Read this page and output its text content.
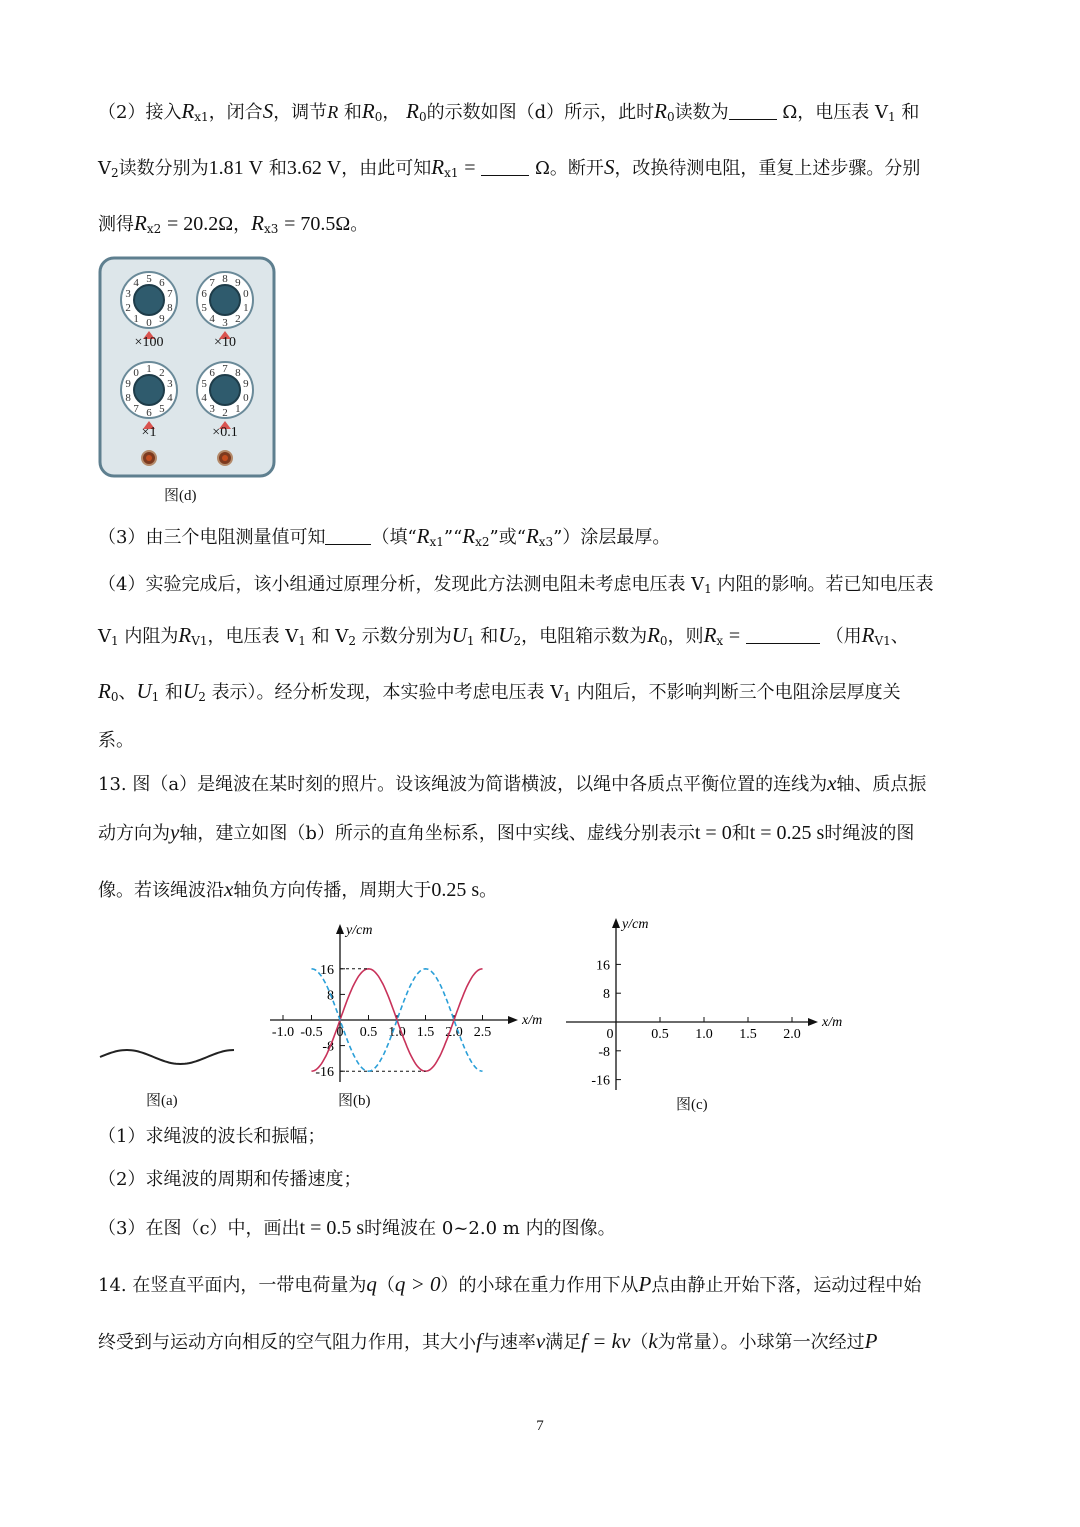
（2）接入$R_{x1}$，闭合S，调节R 和$R_0$， $R_0$的示数如图（d）所示，此时$R_0$读数为	Ω，电压表 $V_1$ 和
$V_2$读数分别为1.81 V 和3.62 V，由此可知$R_{x1}$ =	Ω。断开S，改换待测电阻，重复上述步骤。分别
测得$R_{x2} = 20.2\Omega$，$R_{x3} = 70.5\Omega$。
0
1
2
3
4 5 6
7
8
9
×100
0
1
2
3
4
5
6
7 8 9
×10
0 1 2
3
4
5
6
7
8
9
×1
0
1
2
3
4
5
6 7 8
9
×0.1
图(d)
（3）由三个电阻测量值可知	（填“$R_{x1}”“R_{x2}$”或“$R_{x3}$”）涂层最厚。
（4）实验完成后，该小组通过原理分析，发现此方法测电阻未考虑电压表 $V_1$ 内阻的影响。若已知电压表
$V_1$ 内阻为$R_{V1}$，电压表 $V_1$ 和 $V_2$ 示数分别为$U_1$ 和$U_2$，电阻箱示数为$R_0$，则$R_x$ =	（用$R_{V1}$、
$R_0$、$U_1$ 和$U_2$ 表示）。经分析发现，本实验中考虑电压表 $V_1$ 内阻后，不影响判断三个电阻涂层厚度关
系。
13. 图（a）是绳波在某时刻的照片。设该绳波为简谐横波，以绳中各质点平衡位置的连线为x轴、质点振
动方向为y轴，建立如图（b）所示的直角坐标系，图中实线、虚线分别表示t = 0和t = 0.25 s时绳波的图
像。若该绳波沿x轴负方向传播，周期大于0.25 s。
图(a)
x/m
y/cm
-1.0 -0.5 0 0.5 1.0 1.5 2.0 2.5
16
8
-8
-16
图(b)
x/m
y/cm
0	0.5 1.0 1.5 2.0
16
8
-8
-16
图(c)
（1）求绳波的波长和振幅；
（2）求绳波的周期和传播速度；
（3）在图（c）中，画出t = 0.5 s时绳波在 0~2.0 m 内的图像。
14. 在竖直平面内，一带电荷量为q（q > 0）的小球在重力作用下从P点由静止开始下落，运动过程中始
终受到与运动方向相反的空气阻力作用，其大小f与速率v满足f = kv（k为常量）。小球第一次经过P
7
